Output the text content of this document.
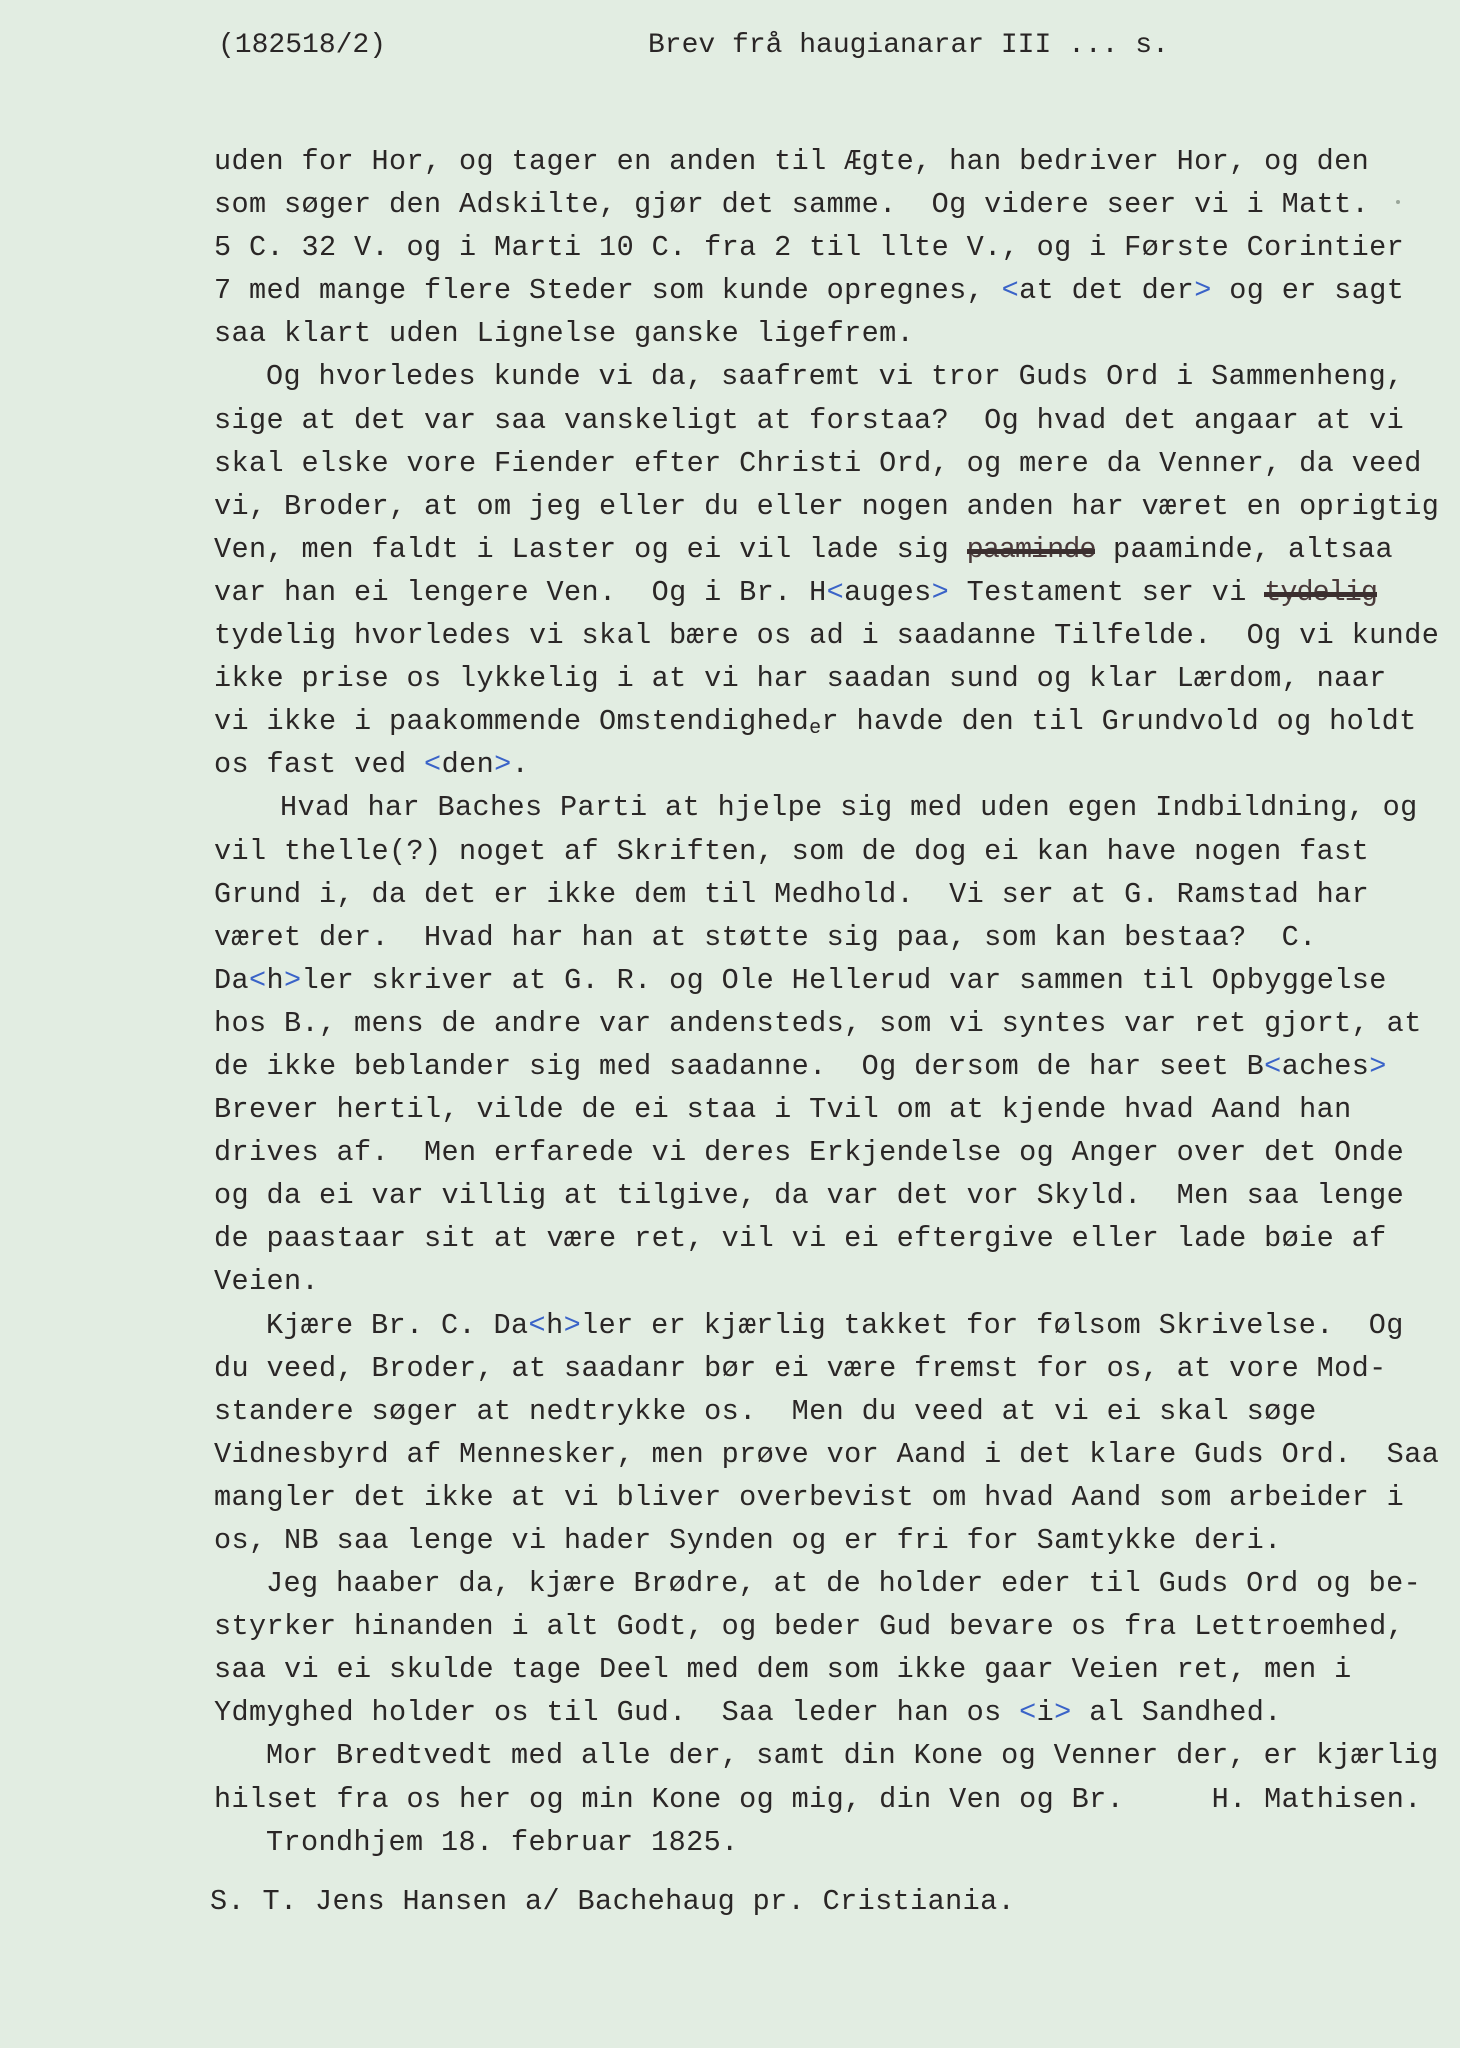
(182518/2)

	Brev frå haugianarar III ... s.

uden for Hor, og tager en anden til Ægte, han bedriver Hor, og den
som søger den Adskilte, gjør det samme.  Og videre seer vi i Matt.
5 C. 32 V. og i Marti 10 C. fra 2 til llte V., og i Første Corintier
7 med mange flere Steder som kunde opregnes, <at det der> og er sagt
saa klart uden Lignelse ganske ligefrem.
Og hvorledes kunde vi da, saafremt vi tror Guds Ord i Sammenheng,
sige at det var saa vanskeligt at forstaa?  Og hvad det angaar at vi
skal elske vore Fiender efter Christi Ord, og mere da Venner, da veed
vi, Broder, at om jeg eller du eller nogen anden har været en oprigtig
Ven, men faldt i Laster og ei vil lade sig paaminde paaminde, altsaa
var han ei lengere Ven.  Og i Br. H<auges> Testament ser vi tydelig
tydelig hvorledes vi skal bære os ad i saadanne Tilfelde.  Og vi kunde
ikke prise os lykkelig i at vi har saadan sund og klar Lærdom, naar
vi ikke i paakommende Omstendighed$_e$r havde den til Grundvold og holdt
os fast ved <den>.
Hvad har Baches Parti at hjelpe sig med uden egen Indbildning, og
vil thelle(?) noget af Skriften, som de dog ei kan have nogen fast
Grund i, da det er ikke dem til Medhold.  Vi ser at G. Ramstad har
været der.  Hvad har han at støtte sig paa, som kan bestaa?  C.
Da<h>ler skriver at G. R. og Ole Hellerud var sammen til Opbyggelse
hos B., mens de andre var andensteds, som vi syntes var ret gjort, at
de ikke beblander sig med saadanne.  Og dersom de har seet B<aches>
Brever hertil, vilde de ei staa i Tvil om at kjende hvad Aand han
drives af.  Men erfarede vi deres Erkjendelse og Anger over det Onde
og da ei var villig at tilgive, da var det vor Skyld.  Men saa lenge
de paastaar sit at være ret, vil vi ei eftergive eller lade bøie af
Veien.
Kjære Br. C. Da<h>ler er kjærlig takket for følsom Skrivelse.  Og
du veed, Broder, at saadanr bør ei være fremst for os, at vore Mod-
standere søger at nedtrykke os.  Men du veed at vi ei skal søge
Vidnesbyrd af Mennesker, men prøve vor Aand i det klare Guds Ord.  Saa
mangler det ikke at vi bliver overbevist om hvad Aand som arbeider i
os, NB saa lenge vi hader Synden og er fri for Samtykke deri.
Jeg haaber da, kjære Brødre, at de holder eder til Guds Ord og be-
styrker hinanden i alt Godt, og beder Gud bevare os fra Lettroemhed,
saa vi ei skulde tage Deel med dem som ikke gaar Veien ret, men i
Ydmyghed holder os til Gud.  Saa leder han os <i> al Sandhed.
Mor Bredtvedt med alle der, samt din Kone og Venner der, er kjærlig
hilset fra os her og min Kone og mig, din Ven og Br.	H. Mathisen.
Trondhjem 18. februar 1825.
S. T. Jens Hansen a/ Bachehaug pr. Cristiania.
